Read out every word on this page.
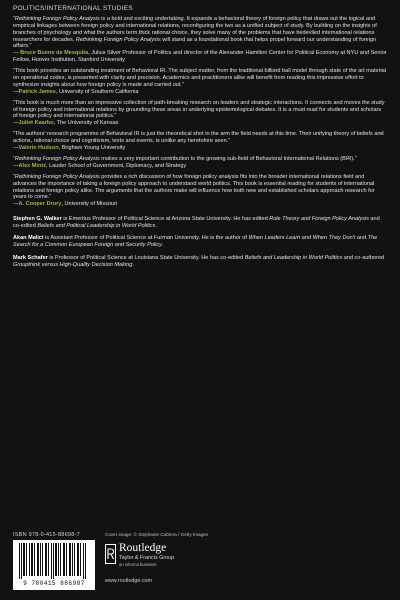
POLITICS/INTERNATIONAL STUDIES

“Rethinking Foreign Policy Analysis is a bold and exciting undertaking. It expands a behavioral theory of foreign policy that draws out the logical and empirical linkages between foreign policy and international relations, reconfiguring the two as a unified subject of study. By building on the insights of branches of psychology and what the authors term thick rational choice, they solve many of the problems that have bedeviled international relations researchers for decades. Rethinking Foreign Policy Analysis will stand as a foundational book that helps propel forward our understanding of foreign affairs.”
— Bruce Bueno de Mesquita, Julius Silver Professor of Politics and director of the Alexander Hamilton Center for Political Economy at NYU and Senior Fellow, Hoover Institution, Stanford University

“This book provides an outstanding treatment of Behavioral IR. The subject matter, from the traditional billiard ball model through state of the art material on operational codes, is presented with clarity and precision. Academics and practitioners alike will benefit from reading this impressive effort to synthesize insights about how foreign policy is made and carried out.”
—Patrick James, University of Southern California

“This book is much more than an impressive collection of path-breaking research on leaders and strategic interactions. It connects and moves the study of foreign policy and international relations by grounding these areas in underlying epistemological debates. It is a must read for students and scholars of foreign policy and international politics.”
—Juliet Kaarbo, The University of Kansas

“The authors' research programme of Behavioral IR is just the theoretical shot in the arm the field needs at this time. Their unifying theory of beliefs and actions, rational choice and cognitivism, texts and events, is unlike any heretofore seen.”
—Valerie Hudson, Brigham Young University

“Rethinking Foreign Policy Analysis makes a very important contribution to the growing sub-field of Behavioral International Relations (BIR).”
—Alex Mintz, Lauder School of Government, Diplomacy, and Strategy

“Rethinking Foreign Policy Analysis provides a rich discussion of how foreign policy analysis fits into the broader international relations field and advances the importance of taking a foreign policy approach to understand world politics. This book is essential reading for students of international relations and foreign policy alike. The arguments that the authors make will influence how both new and established scholars approach research for years to come.”
—A. Cooper Drury, University of Missouri

Stephen G. Walker is Emeritus Professor of Political Science at Arizona State University. He has edited Role Theory and Foreign Policy Analysis and co-edited Beliefs and Political Leadership in World Politics.

Akan Malici is Assistant Professor of Political Science at Furman University. He is the author of When Leaders Learn and When They Don't and The Search for a Common European Foreign and Security Policy.

Mark Schafer is Professor of Political Science at Louisiana State University. He has co-edited Beliefs and Leadership in World Politics and co-authored Groupthink versus High-Quality Decision Making.

ISBN 978-0-415-88698-7
9 780415 886987
Cover image: © Stephanie Cabrera / Getty Images
Routledge
Taylor & Francis Group
an informa business
www.routledge.com
